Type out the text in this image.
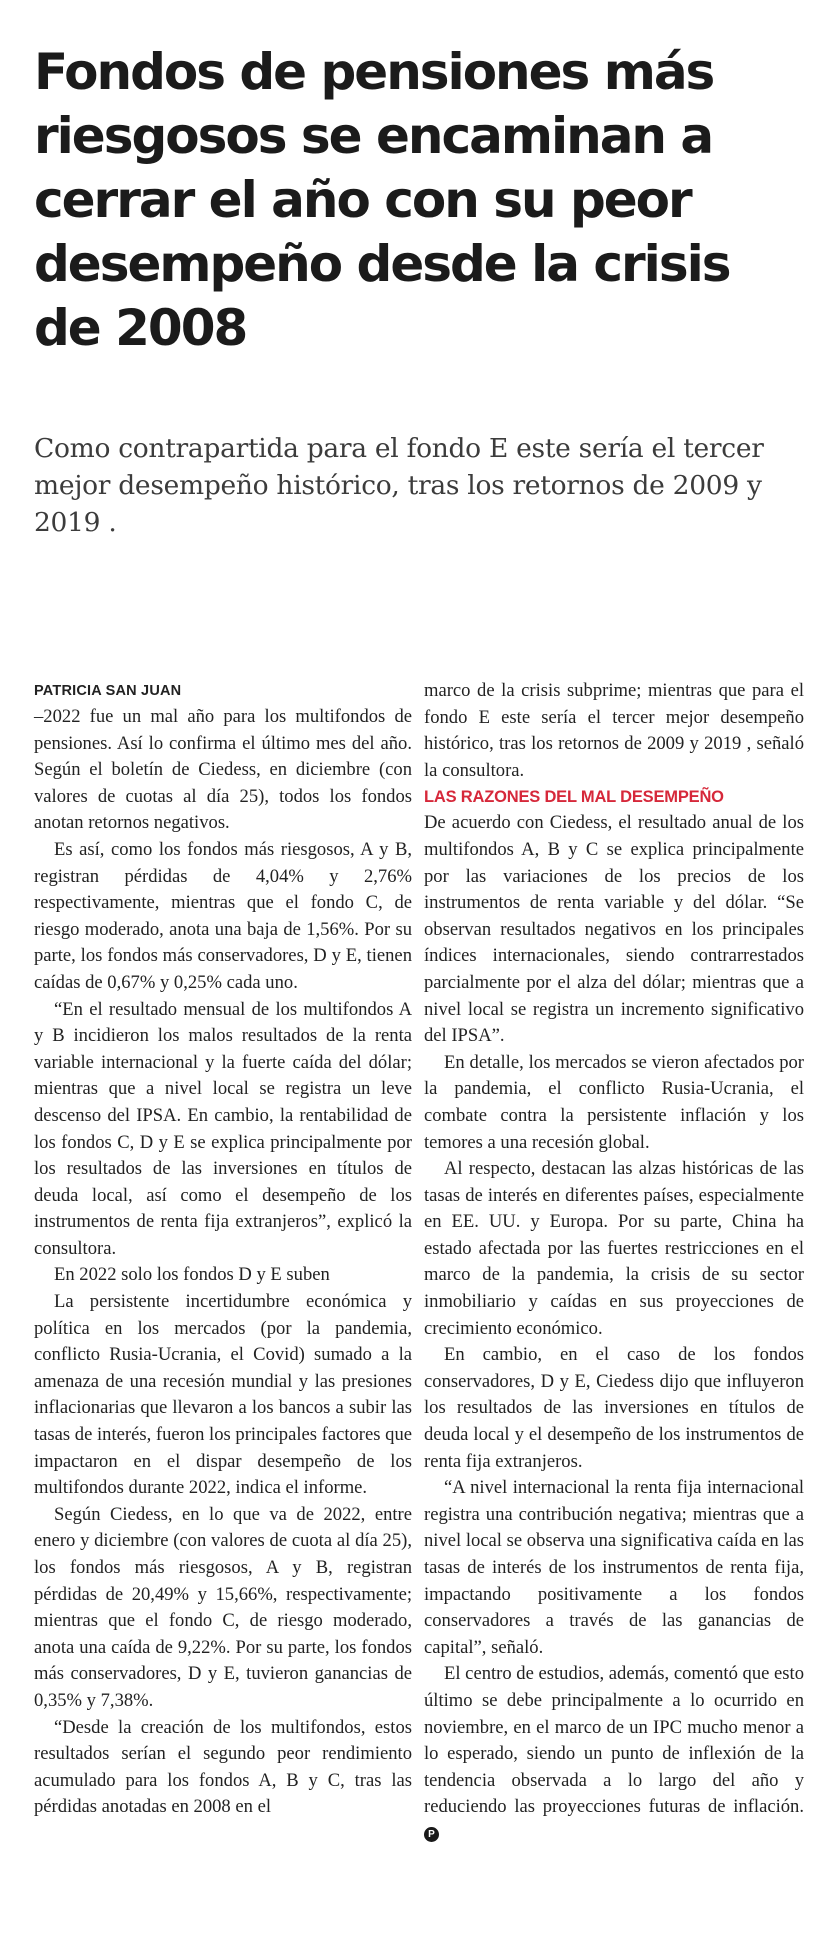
Fondos de pensiones más riesgosos se encaminan a cerrar el año con su peor desempeño desde la crisis de 2008

Como contrapartida para el fondo E este sería el tercer mejor desempeño histórico, tras los retornos de 2009 y 2019 .

PATRICIA SAN JUAN

–2022 fue un mal año para los multifondos de pensiones. Así lo confirma el último mes del año. Según el boletín de Ciedess, en diciembre (con valores de cuotas al día 25), todos los fondos anotan retornos negativos.

Es así, como los fondos más riesgosos, A y B, registran pérdidas de 4,04% y 2,76% respectivamente, mientras que el fondo C, de riesgo moderado, anota una baja de 1,56%. Por su parte, los fondos más conservadores, D y E, tienen caídas de 0,67% y 0,25% cada uno.

“En el resultado mensual de los multifondos A y B incidieron los malos resultados de la renta variable internacional y la fuerte caída del dólar; mientras que a nivel local se registra un leve descenso del IPSA. En cambio, la rentabilidad de los fondos C, D y E se explica principalmente por los resultados de las inversiones en títulos de deuda local, así como el desempeño de los instrumentos de renta fija extranjeros”, explicó la consultora.

En 2022 solo los fondos D y E suben

La persistente incertidumbre económica y política en los mercados (por la pandemia, conflicto Rusia-Ucrania, el Covid) sumado a la amenaza de una recesión mundial y las presiones inflacionarias que llevaron a los bancos a subir las tasas de interés, fueron los principales factores que impactaron en el dispar desempeño de los multifondos durante 2022, indica el informe.

Según Ciedess, en lo que va de 2022, entre enero y diciembre (con valores de cuota al día 25), los fondos más riesgosos, A y B, registran pérdidas de 20,49% y 15,66%, respectivamente; mientras que el fondo C, de riesgo moderado, anota una caída de 9,22%. Por su parte, los fondos más conservadores, D y E, tuvieron ganancias de 0,35% y 7,38%.

“Desde la creación de los multifondos, estos resultados serían el segundo peor rendimiento acumulado para los fondos A, B y C, tras las pérdidas anotadas en 2008 en el

marco de la crisis subprime; mientras que para el fondo E este sería el tercer mejor desempeño histórico, tras los retornos de 2009 y 2019 , señaló la consultora.

LAS RAZONES DEL MAL DESEMPEÑO

De acuerdo con Ciedess, el resultado anual de los multifondos A, B y C se explica principalmente por las variaciones de los precios de los instrumentos de renta variable y del dólar. “Se observan resultados negativos en los principales índices internacionales, siendo contrarrestados parcialmente por el alza del dólar; mientras que a nivel local se registra un incremento significativo del IPSA”.

En detalle, los mercados se vieron afectados por la pandemia, el conflicto Rusia-Ucrania, el combate contra la persistente inflación y los temores a una recesión global.

Al respecto, destacan las alzas históricas de las tasas de interés en diferentes países, especialmente en EE. UU. y Europa. Por su parte, China ha estado afectada por las fuertes restricciones en el marco de la pandemia, la crisis de su sector inmobiliario y caídas en sus proyecciones de crecimiento económico.

En cambio, en el caso de los fondos conservadores, D y E, Ciedess dijo que influyeron los resultados de las inversiones en títulos de deuda local y el desempeño de los instrumentos de renta fija extranjeros.

“A nivel internacional la renta fija internacional registra una contribución negativa; mientras que a nivel local se observa una significativa caída en las tasas de interés de los instrumentos de renta fija, impactando positivamente a los fondos conservadores a través de las ganancias de capital”, señaló.

El centro de estudios, además, comentó que esto último se debe principalmente a lo ocurrido en noviembre, en el marco de un IPC mucho menor a lo esperado, siendo un punto de inflexión de la tendencia observada a lo largo del año y reduciendo las proyecciones futuras de inflación. P
